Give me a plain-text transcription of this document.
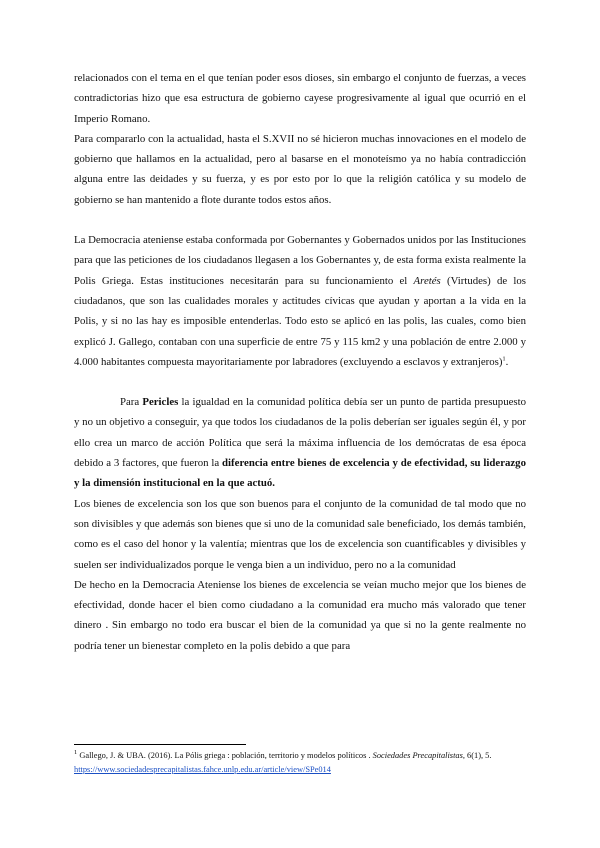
relacionados con el tema en el que tenían poder esos dioses, sin embargo el conjunto de fuerzas, a veces contradictorias hizo que esa estructura de gobierno cayese progresivamente al igual que ocurrió en el Imperio Romano.

Para compararlo con la actualidad, hasta el S.XVII no sé hicieron muchas innovaciones en el modelo de gobierno que hallamos en la actualidad, pero al basarse en el monoteísmo ya no había contradicción alguna entre las deidades y su fuerza, y es por esto por lo que la religión católica y su modelo de gobierno se han mantenido a flote durante todos estos años.

La Democracia ateniense estaba conformada por Gobernantes y Gobernados unidos por las Instituciones para que las peticiones de los ciudadanos llegasen a los Gobernantes y, de esta forma exista realmente la Polis Griega. Estas instituciones necesitarán para su funcionamiento el Aretés (Virtudes) de los ciudadanos, que son las cualidades morales y actitudes cívicas que ayudan y aportan a la vida en la Polis, y si no las hay es imposible entenderlas. Todo esto se aplicó en las polis, las cuales, como bien explicó J. Gallego, contaban con una superficie de entre 75 y 115 km2 y una población de entre 2.000 y 4.000 habitantes compuesta mayoritariamente por labradores (excluyendo a esclavos y extranjeros)$^1$.

Para Pericles la igualdad en la comunidad política debía ser un punto de partida presupuesto y no un objetivo a conseguir, ya que todos los ciudadanos de la polis deberían ser iguales según él, y por ello crea un marco de acción Política que será la máxima influencia de los demócratas de esa época debido a 3 factores, que fueron la diferencia entre bienes de excelencia y de efectividad, su liderazgo y la dimensión institucional en la que actuó.

Los bienes de excelencia son los que son buenos para el conjunto de la comunidad de tal modo que no son divisibles y que además son bienes que si uno de la comunidad sale beneficiado, los demás también, como es el caso del honor y la valentía; mientras que los de excelencia son cuantificables y divisibles y suelen ser individualizados porque le venga bien a un individuo, pero no a la comunidad

De hecho en la Democracia Ateniense los bienes de excelencia se veían mucho mejor que los bienes de efectividad, donde hacer el bien como ciudadano a la comunidad era mucho más valorado que tener dinero . Sin embargo no todo era buscar el bien de la comunidad ya que si no la gente realmente no podría tener un bienestar completo en la polis debido a que para

$^1$ Gallego, J. & UBA. (2016). La Pólis griega : población, territorio y modelos políticos . Sociedades Precapitalistas, 6(1), 5. https://www.sociedadesprecapitalistas.fahce.unlp.edu.ar/article/view/SPe014
